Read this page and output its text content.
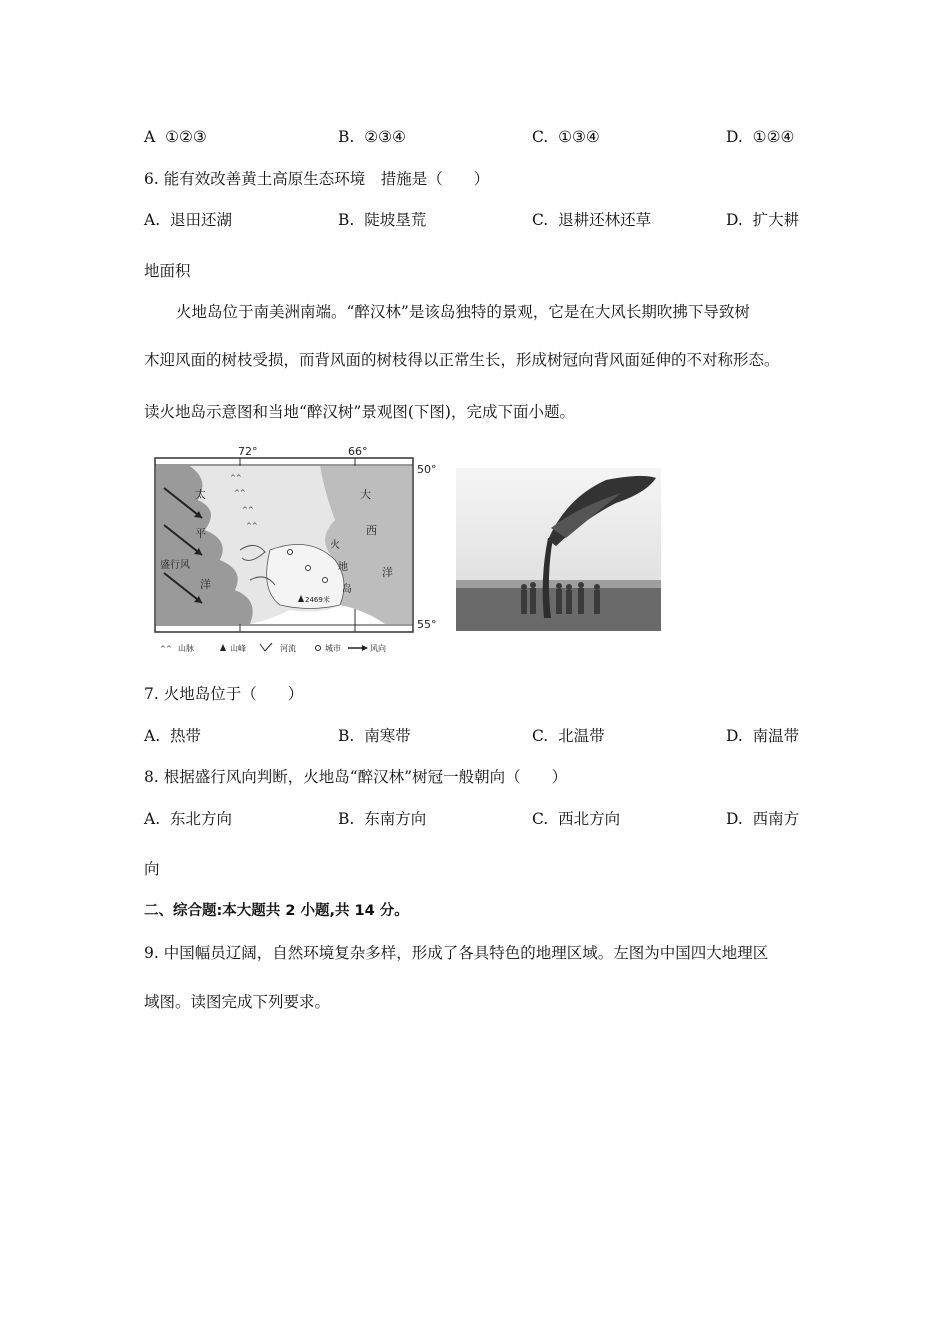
A ①②③	B. ②③④	C. ①③④	D. ①②④
6. 能有效改善黄土高原生态环境　措施是（　　）
A. 退田还湖	B. 陡坡垦荒	C. 退耕还林还草	D. 扩大耕
地面积
火地岛位于南美洲南端。“醉汉林”是该岛独特的景观，它是在大风长期吹拂下导致树
木迎风面的树枝受损，而背风面的树枝得以正常生长，形成树冠向背风面延伸的不对称形态。
读火地岛示意图和当地“醉汉树”景观图(下图)，完成下面小题。
^^
^^
^^
^^
72°	66°
50°
55°
太
平
洋
大
西
洋
火
地
岛
盛行风
2469米
^^ 山脉	山峰	河流	城市	风向
7. 火地岛位于（　　）
A. 热带	B. 南寒带	C. 北温带	D. 南温带
8. 根据盛行风向判断，火地岛“醉汉林”树冠一般朝向（　　）
A. 东北方向	B. 东南方向	C. 西北方向	D. 西南方
向
二、综合题:本大题共 2 小题,共 14 分。
9. 中国幅员辽阔，自然环境复杂多样，形成了各具特色的地理区域。左图为中国四大地理区
域图。读图完成下列要求。
